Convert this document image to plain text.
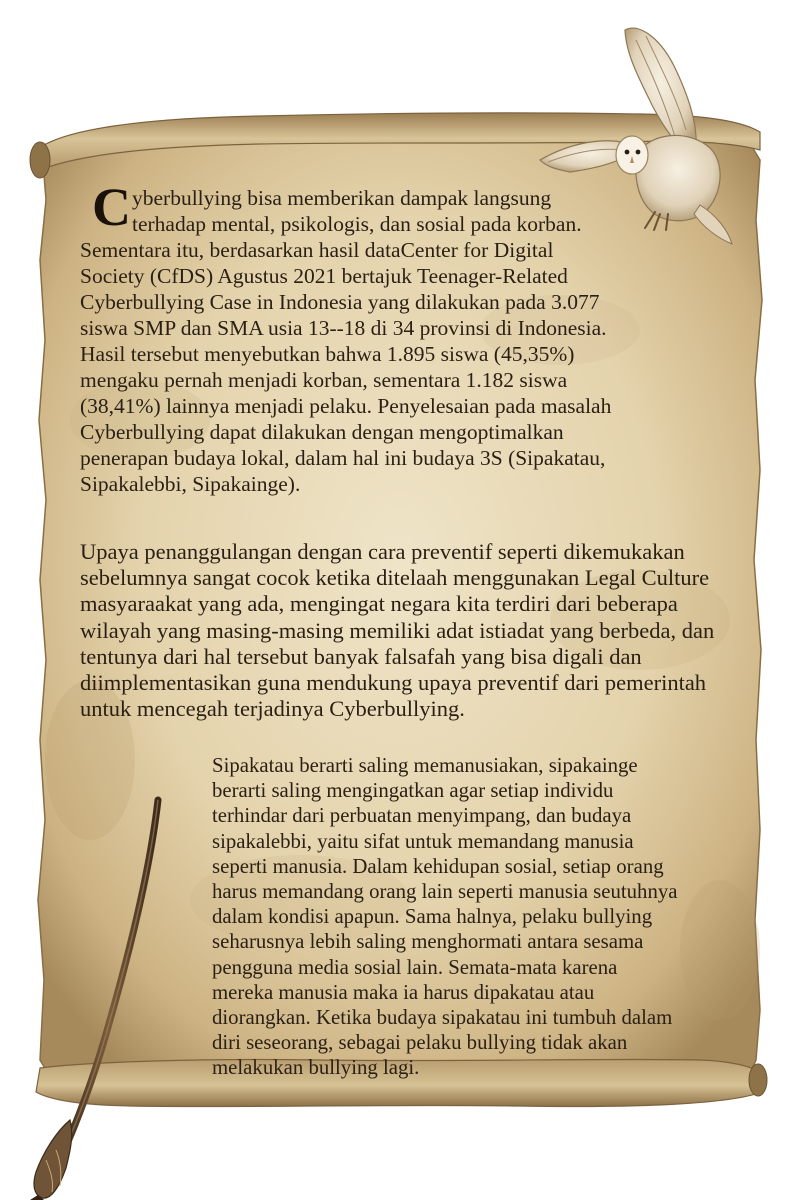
Cyberbullying bisa memberikan dampak langsung
terhadap mental, psikologis, dan sosial pada korban.
Sementara itu, berdasarkan hasil dataCenter for Digital
Society (CfDS) Agustus 2021 bertajuk Teenager-Related
Cyberbullying Case in Indonesia yang dilakukan pada 3.077
siswa SMP dan SMA usia 13--18 di 34 provinsi di Indonesia.
Hasil tersebut menyebutkan bahwa 1.895 siswa (45,35%)
mengaku pernah menjadi korban, sementara 1.182 siswa
(38,41%) lainnya menjadi pelaku. Penyelesaian pada masalah
Cyberbullying dapat dilakukan dengan mengoptimalkan
penerapan budaya lokal, dalam hal ini budaya 3S (Sipakatau,
Sipakalebbi, Sipakainge).
Upaya penanggulangan dengan cara preventif seperti dikemukakan
sebelumnya sangat cocok ketika ditelaah menggunakan Legal Culture
masyaraakat yang ada, mengingat negara kita terdiri dari beberapa
wilayah yang masing-masing memiliki adat istiadat yang berbeda, dan
tentunya dari hal tersebut banyak falsafah yang bisa digali dan
diimplementasikan guna mendukung upaya preventif dari pemerintah
untuk mencegah terjadinya Cyberbullying.
Sipakatau berarti saling memanusiakan, sipakainge
berarti saling mengingatkan agar setiap individu
terhindar dari perbuatan menyimpang, dan budaya
sipakalebbi, yaitu sifat untuk memandang manusia
seperti manusia. Dalam kehidupan sosial, setiap orang
harus memandang orang lain seperti manusia seutuhnya
dalam kondisi apapun. Sama halnya, pelaku bullying
seharusnya lebih saling menghormati antara sesama
pengguna media sosial lain. Semata-mata karena
mereka manusia maka ia harus dipakatau atau
diorangkan. Ketika budaya sipakatau ini tumbuh dalam
diri seseorang, sebagai pelaku bullying tidak akan
melakukan bullying lagi.
